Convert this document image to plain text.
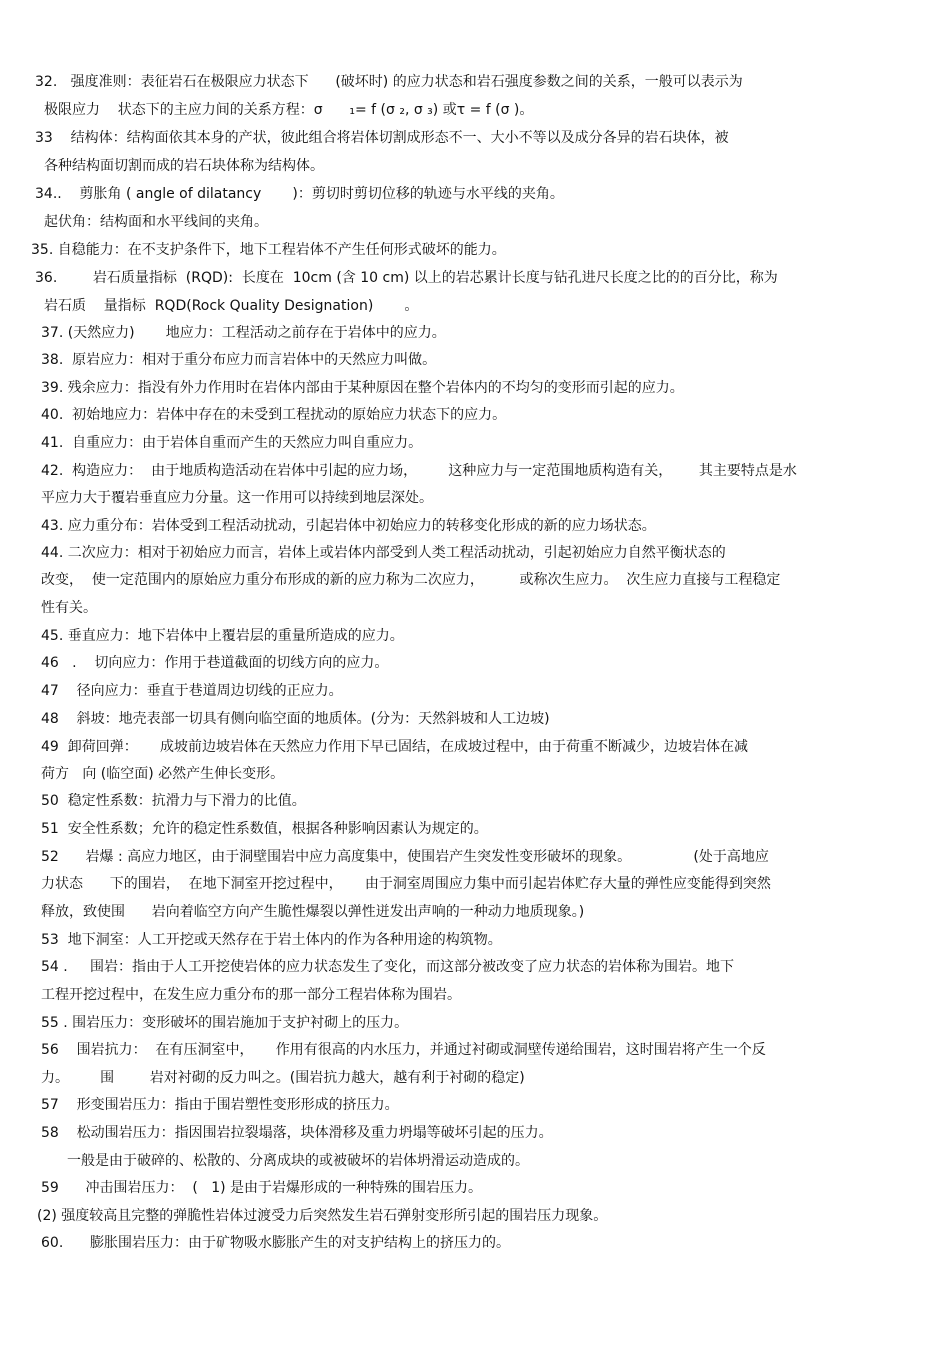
32.   强度准则：表征岩石在极限应力状态下      (破坏时) 的应力状态和岩石强度参数之间的关系，一般可以表示为
极限应力    状态下的主应力间的关系方程：σ      ₁= f (σ ₂, σ ₃) 或τ = f (σ )。
33    结构体：结构面依其本身的产状，彼此组合将岩体切割成形态不一、大小不等以及成分各异的岩石块体，被
各种结构面切割而成的岩石块体称为结构体。
34..    剪胀角 ( angle of dilatancy       )：剪切时剪切位移的轨迹与水平线的夹角。
起伏角：结构面和水平线间的夹角。
35. 自稳能力：在不支护条件下，地下工程岩体不产生任何形式破坏的能力。
36.        岩石质量指标  (RQD):  长度在  10cm (含 10 cm) 以上的岩芯累计长度与钻孔进尺长度之比的的百分比，称为
岩石质    量指标  RQD(Rock Quality Designation)       。
37. (天然应力)       地应力：工程活动之前存在于岩体中的应力。
38.  原岩应力：相对于重分布应力而言岩体中的天然应力叫做。
39. 残余应力：指没有外力作用时在岩体内部由于某种原因在整个岩体内的不均匀的变形而引起的应力。
40.  初始地应力：岩体中存在的未受到工程扰动的原始应力状态下的应力。
41.  自重应力：由于岩体自重而产生的天然应力叫自重应力。
42.  构造应力：  由于地质构造活动在岩体中引起的应力场，       这种应力与一定范围地质构造有关，      其主要特点是水
平应力大于覆岩垂直应力分量。这一作用可以持续到地层深处。
43. 应力重分布：岩体受到工程活动扰动，引起岩体中初始应力的转移变化形成的新的应力场状态。
44. 二次应力：相对于初始应力而言，岩体上或岩体内部受到人类工程活动扰动，引起初始应力自然平衡状态的
改变，  使一定范围内的原始应力重分布形成的新的应力称为二次应力，        或称次生应力。  次生应力直接与工程稳定
性有关。
45. 垂直应力：地下岩体中上覆岩层的重量所造成的应力。
46   .    切向应力：作用于巷道截面的切线方向的应力。
47    径向应力：垂直于巷道周边切线的正应力。
48    斜坡：地壳表部一切具有侧向临空面的地质体。(分为：天然斜坡和人工边坡)
49  卸荷回弹：     成坡前边坡岩体在天然应力作用下早已固结，在成坡过程中，由于荷重不断减少，边坡岩体在减
荷方   向 (临空面) 必然产生伸长变形。
50  稳定性系数：抗滑力与下滑力的比值。
51  安全性系数；允许的稳定性系数值，根据各种影响因素认为规定的。
52      岩爆 : 高应力地区，由于洞壁围岩中应力高度集中，使围岩产生突发性变形破坏的现象。              (处于高地应
力状态      下的围岩，  在地下洞室开挖过程中，     由于洞室周围应力集中而引起岩体贮存大量的弹性应变能得到突然
释放，致使围      岩向着临空方向产生脆性爆裂以弹性迸发出声响的一种动力地质现象。)
53  地下洞室：人工开挖或天然存在于岩土体内的作为各种用途的构筑物。
54 .     围岩：指由于人工开挖使岩体的应力状态发生了变化，而这部分被改变了应力状态的岩体称为围岩。地下
工程开挖过程中，在发生应力重分布的那一部分工程岩体称为围岩。
55 . 围岩压力：变形破坏的围岩施加于支护衬砌上的压力。
56    围岩抗力：  在有压洞室中，     作用有很高的内水压力，并通过衬砌或洞壁传递给围岩，这时围岩将产生一个反
力。       围        岩对衬砌的反力叫之。(围岩抗力越大，越有利于衬砌的稳定)
57    形变围岩压力：指由于围岩塑性变形形成的挤压力。
58    松动围岩压力：指因围岩拉裂塌落，块体滑移及重力坍塌等破坏引起的压力。
一般是由于破碎的、松散的、分离成块的或被破坏的岩体坍滑运动造成的。
59      冲击围岩压力：  (   1) 是由于岩爆形成的一种特殊的围岩压力。
(2) 强度较高且完整的弹脆性岩体过渡受力后突然发生岩石弹射变形所引起的围岩压力现象。
60.      膨胀围岩压力：由于矿物吸水膨胀产生的对支护结构上的挤压力的。
